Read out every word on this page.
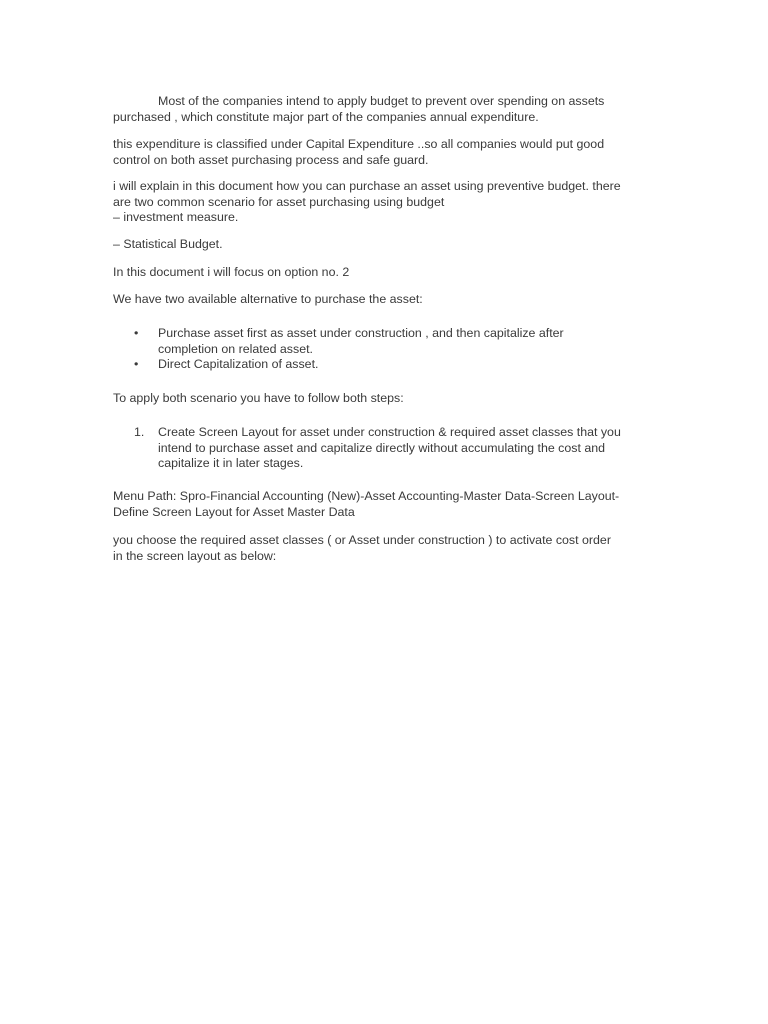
Most of the companies intend to apply budget to prevent over spending on assets
purchased , which constitute major part of the companies annual expenditure.

this expenditure is classified under Capital Expenditure ..so all companies would put good
control on both asset purchasing process and safe guard.

i will explain in this document how you can purchase an asset using preventive budget. there
are two common scenario for asset purchasing using budget
– investment measure.

– Statistical Budget.

In this document i will focus on option no. 2

We have two available alternative to purchase the asset:

• Purchase asset first as asset under construction , and then capitalize after
completion on related asset.
• Direct Capitalization of asset.

To apply both scenario you have to follow both steps:

1. Create Screen Layout for asset under construction & required asset classes that you
intend to purchase asset and capitalize directly without accumulating the cost and
capitalize it in later stages.

Menu Path: Spro-Financial Accounting (New)-Asset Accounting-Master Data-Screen Layout-
Define Screen Layout for Asset Master Data

you choose the required asset classes ( or Asset under construction ) to activate cost order
in the screen layout as below:
